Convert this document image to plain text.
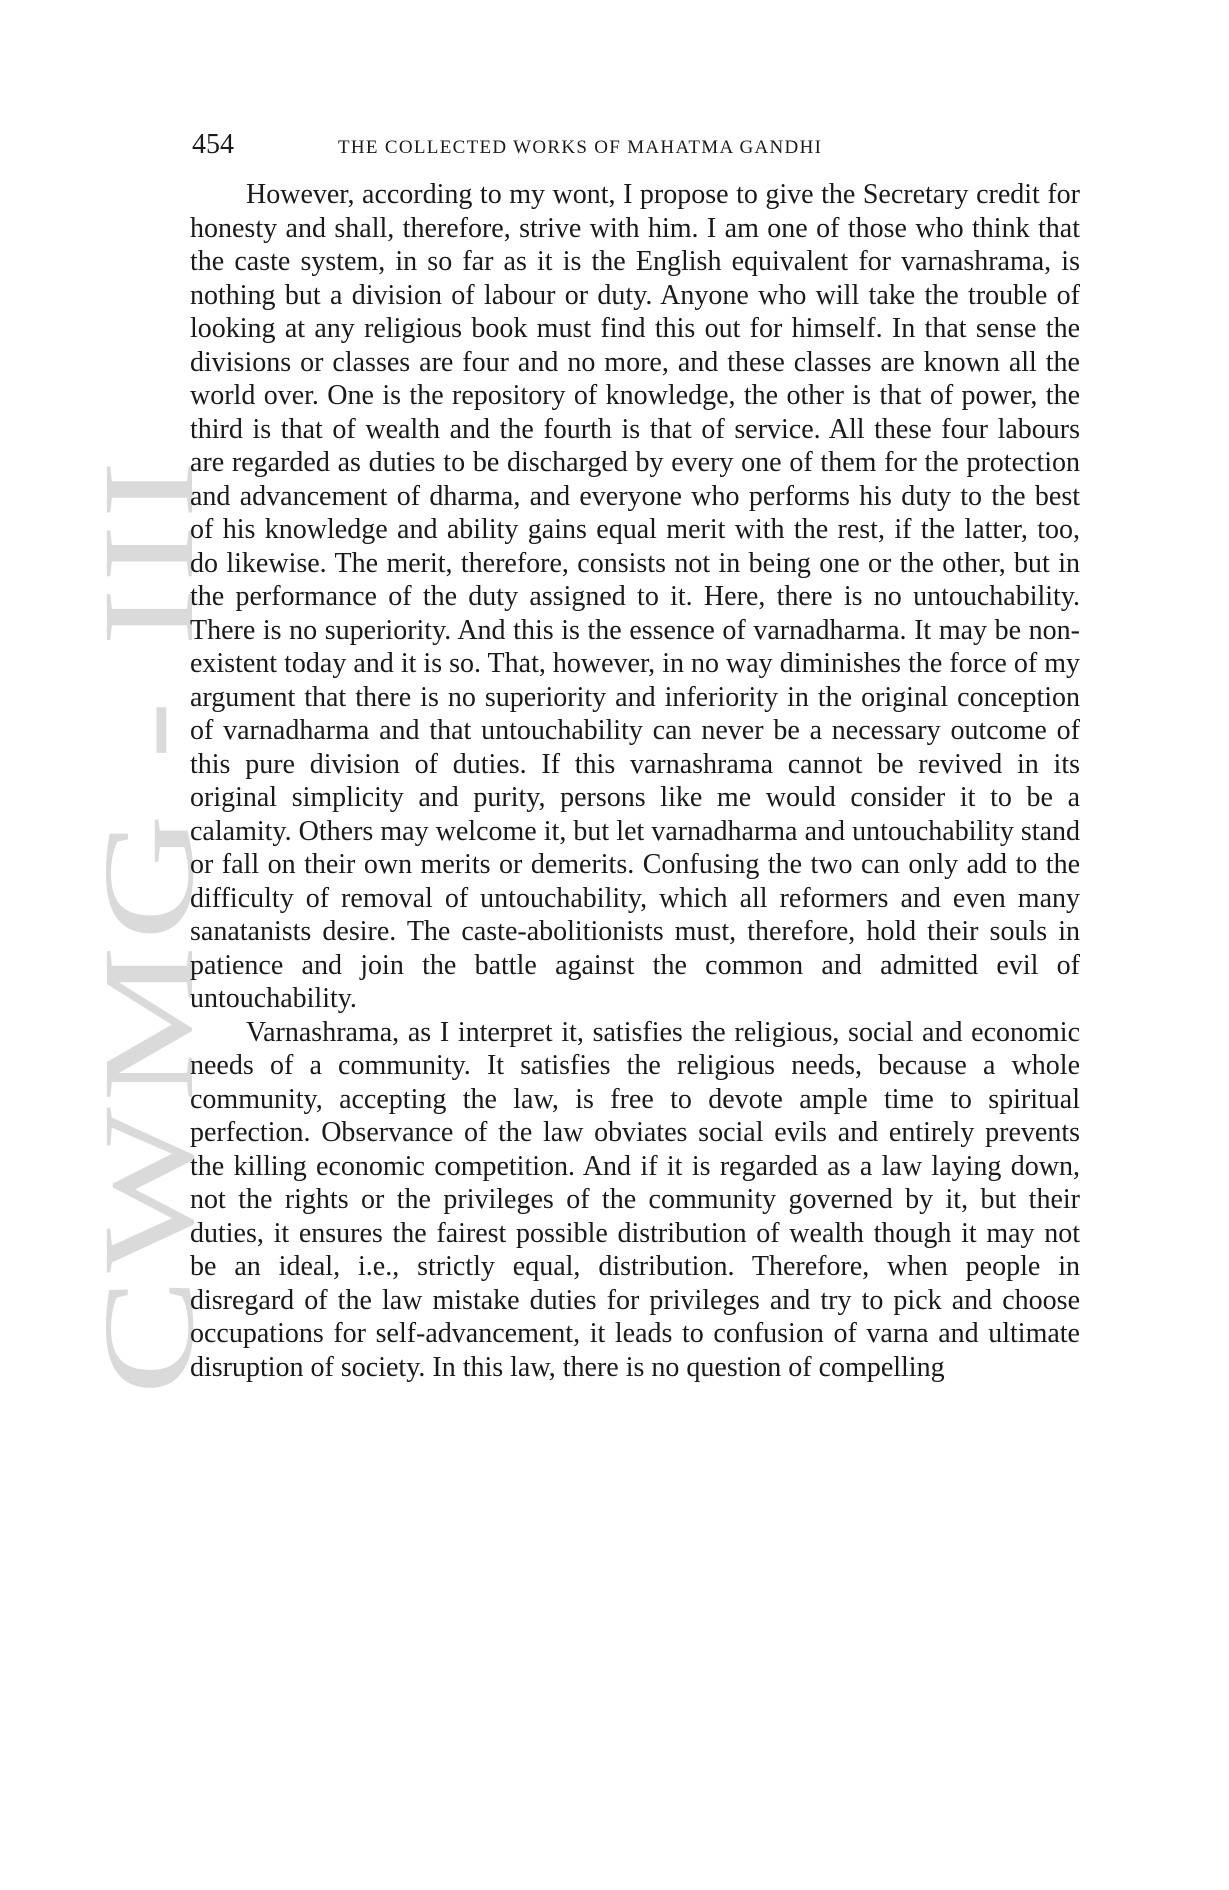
CWMG - III
454	THE COLLECTED WORKS OF MAHATMA GANDHI

However, according to my wont, I propose to give the Secretary credit for honesty and shall, therefore, strive with him. I am one of those who think that the caste system, in so far as it is the English equivalent for varnashrama, is nothing but a division of labour or duty. Anyone who will take the trouble of looking at any religious book must find this out for himself. In that sense the divisions or classes are four and no more, and these classes are known all the world over. One is the repository of knowledge, the other is that of power, the third is that of wealth and the fourth is that of service. All these four labours are regarded as duties to be discharged by every one of them for the protection and advancement of dharma, and everyone who performs his duty to the best of his knowledge and ability gains equal merit with the rest, if the latter, too, do likewise. The merit, therefore, consists not in being one or the other, but in the performance of the duty assigned to it. Here, there is no untouchability. There is no superiority. And this is the essence of varnadharma. It may be non-existent today and it is so. That, however, in no way diminishes the force of my argument that there is no superiority and inferiority in the original conception of varnadharma and that untouchability can never be a necessary outcome of this pure division of duties. If this varnashrama cannot be revived in its original simplicity and purity, persons like me would consider it to be a calamity. Others may welcome it, but let varnadharma and untouchability stand or fall on their own merits or demerits. Confusing the two can only add to the difficulty of removal of untouchability, which all reformers and even many sanatanists desire. The caste-abolitionists must, therefore, hold their souls in patience and join the battle against the common and admitted evil of untouchability.

Varnashrama, as I interpret it, satisfies the religious, social and economic needs of a community. It satisfies the religious needs, because a whole community, accepting the law, is free to devote ample time to spiritual perfection. Observance of the law obviates social evils and entirely prevents the killing economic competition. And if it is regarded as a law laying down, not the rights or the privileges of the community governed by it, but their duties, it ensures the fairest possible distribution of wealth though it may not be an ideal, i.e., strictly equal, distribution. Therefore, when people in disregard of the law mistake duties for privileges and try to pick and choose occupations for self-advancement, it leads to confusion of varna and ultimate disruption of society. In this law, there is no question of compelling
